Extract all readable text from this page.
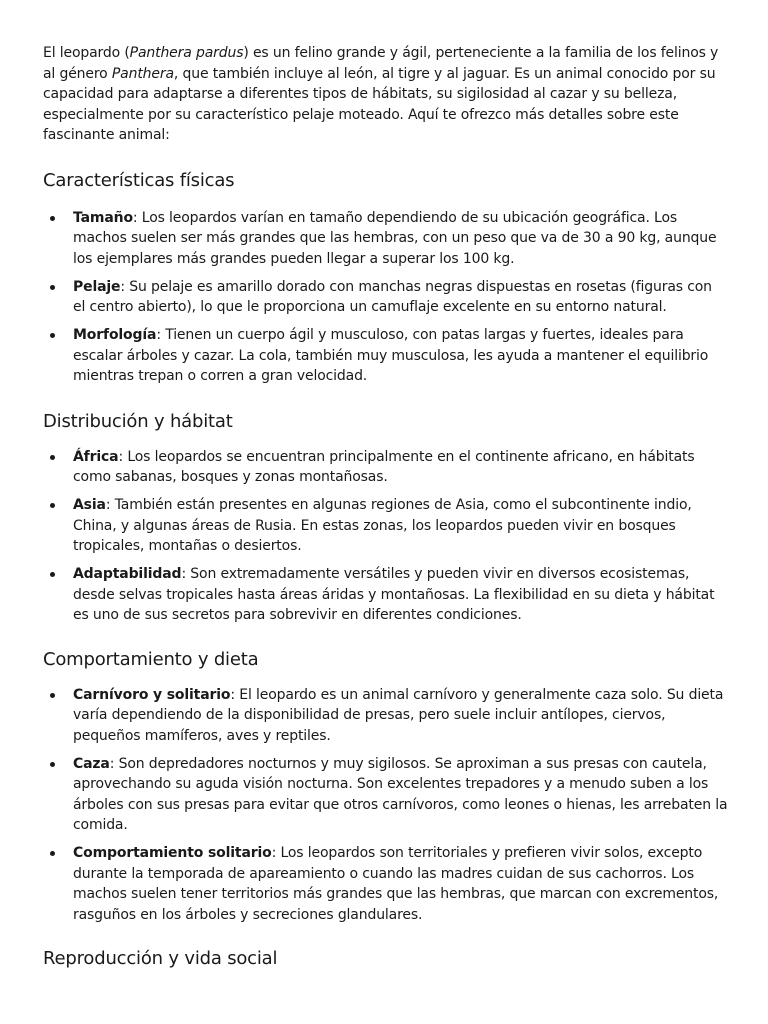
El leopardo (Panthera pardus) es un felino grande y ágil, perteneciente a la familia de los felinos y al género Panthera, que también incluye al león, al tigre y al jaguar. Es un animal conocido por su capacidad para adaptarse a diferentes tipos de hábitats, su sigilosidad al cazar y su belleza, especialmente por su característico pelaje moteado. Aquí te ofrezco más detalles sobre este fascinante animal:

Características físicas
Tamaño: Los leopardos varían en tamaño dependiendo de su ubicación geográfica. Los machos suelen ser más grandes que las hembras, con un peso que va de 30 a 90 kg, aunque los ejemplares más grandes pueden llegar a superar los 100 kg.
Pelaje: Su pelaje es amarillo dorado con manchas negras dispuestas en rosetas (figuras con el centro abierto), lo que le proporciona un camuflaje excelente en su entorno natural.
Morfología: Tienen un cuerpo ágil y musculoso, con patas largas y fuertes, ideales para escalar árboles y cazar. La cola, también muy musculosa, les ayuda a mantener el equilibrio mientras trepan o corren a gran velocidad.
Distribución y hábitat
África: Los leopardos se encuentran principalmente en el continente africano, en hábitats como sabanas, bosques y zonas montañosas.
Asia: También están presentes en algunas regiones de Asia, como el subcontinente indio, China, y algunas áreas de Rusia. En estas zonas, los leopardos pueden vivir en bosques tropicales, montañas o desiertos.
Adaptabilidad: Son extremadamente versátiles y pueden vivir en diversos ecosistemas, desde selvas tropicales hasta áreas áridas y montañosas. La flexibilidad en su dieta y hábitat es uno de sus secretos para sobrevivir en diferentes condiciones.
Comportamiento y dieta
Carnívoro y solitario: El leopardo es un animal carnívoro y generalmente caza solo. Su dieta varía dependiendo de la disponibilidad de presas, pero suele incluir antílopes, ciervos, pequeños mamíferos, aves y reptiles.
Caza: Son depredadores nocturnos y muy sigilosos. Se aproximan a sus presas con cautela, aprovechando su aguda visión nocturna. Son excelentes trepadores y a menudo suben a los árboles con sus presas para evitar que otros carnívoros, como leones o hienas, les arrebaten la comida.
Comportamiento solitario: Los leopardos son territoriales y prefieren vivir solos, excepto durante la temporada de apareamiento o cuando las madres cuidan de sus cachorros. Los machos suelen tener territorios más grandes que las hembras, que marcan con excrementos, rasguños en los árboles y secreciones glandulares.
Reproducción y vida social
